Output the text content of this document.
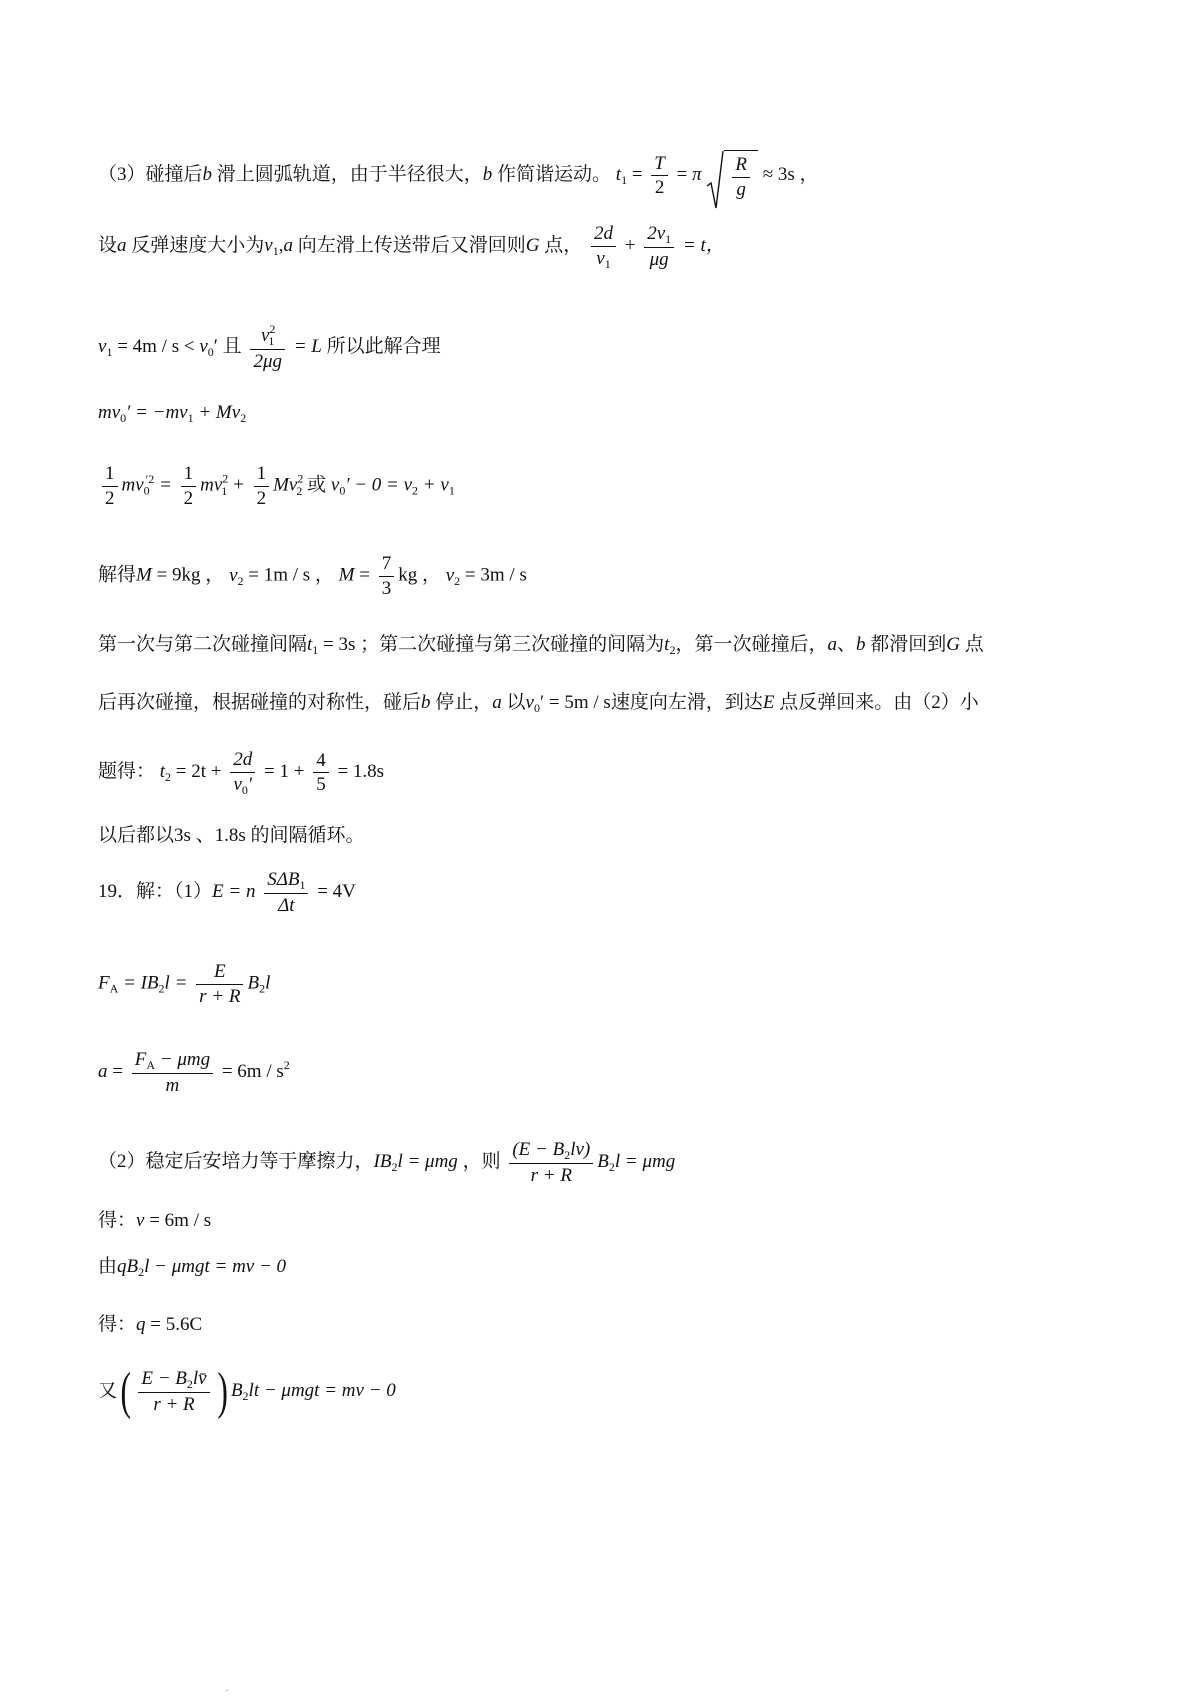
（3）碰撞后b 滑上圆弧轨道，由于半径很大，b 作简谐运动。 $t_1 = \frac{T}{2} = \pi \frac{R}{g} \approx 3s$ ，
设a 反弹速度大小为$v_1,a$ 向左滑上传送带后又滑回则G 点， $\frac{2d}{v_1} + \frac{2v_1}{\mu g} = t$，
$v_1 = 4m / s < v_0'$ 且 $\frac{v^2_1}{2\mu g} = L$ 所以此解合理
$mv_0' = -mv_1 + Mv_2$
$\frac{1}{2} mv_0^{'2} = \frac{1}{2} mv^2_1 + \frac{1}{2} Mv^2_2$ 或 $v_0' - 0 = v_2 + v_1$
解得M = 9kg ， $v_2 = 1m / s$ ， $M = \frac{7}{3}$ kg ， $v_2 = 3m / s$
第一次与第二次碰撞间隔$t_1 = 3s$ ；第二次碰撞与第三次碰撞的间隔为$t_2$，第一次碰撞后，a、b 都滑回到G 点
后再次碰撞，根据碰撞的对称性，碰后b 停止，a 以$v_0' = 5m / s$速度向左滑，到达E 点反弹回来。由（2）小
题得： $t_2 = 2t + \frac{2d}{v_0'} = 1 + \frac{4}{5} = 1.8s$
以后都以3s 、1.8s 的间隔循环。
19．解：（1）E = n $\frac{S\Delta B_1}{\Delta t} = 4V$
$F_A = IB_2l = \frac{E}{r + R} B_2l$
$a = \frac{F_A - \mu mg}{m} = 6m / s^2$
（2）稳定后安培力等于摩擦力，$IB_2l = \mu mg$ ，则 $\frac{(E - B_2lv)}{r + R} B_2l = \mu mg$
得：v = 6m / s
由$qB_2l - \mu mgt$ = mv − 0
得：q = 5.6C
又( $\frac{E - B_2lv̄}{r + R}$ ) $B_2lt - \mu mgt$ = mv − 0
.
